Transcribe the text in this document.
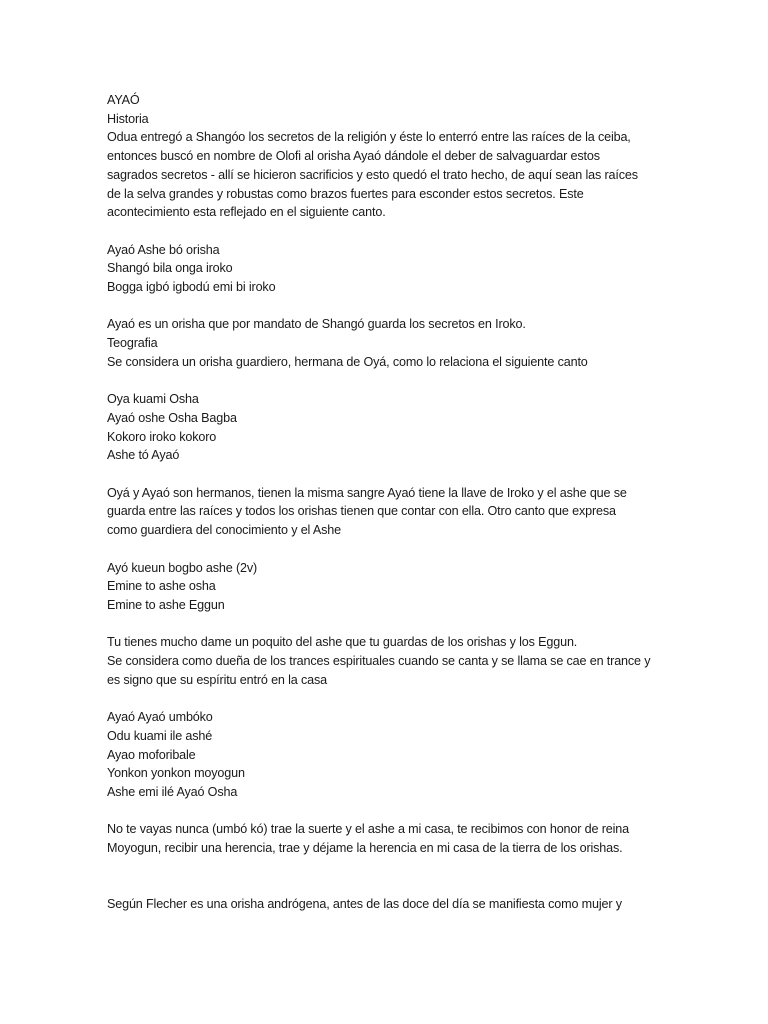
AYAÓ
Historia
Odua entregó a Shangóo los secretos de la religión y éste lo enterró entre las raíces de la ceiba,
entonces buscó en nombre de Olofi al orisha Ayaó dándole el deber de salvaguardar estos
sagrados secretos - allí se hicieron sacrificios y esto quedó el trato hecho, de aquí sean las raíces
de la selva grandes y robustas como brazos fuertes para esconder estos secretos. Este
acontecimiento esta reflejado en el siguiente canto.
Ayaó Ashe bó orisha
Shangó bila onga iroko
Bogga igbó igbodú emi bi iroko
Ayaó es un orisha que por mandato de Shangó guarda los secretos en Iroko.
Teografia
Se considera un orisha guardiero, hermana de Oyá, como lo relaciona el siguiente canto
Oya kuami Osha
Ayaó oshe Osha Bagba
Kokoro iroko kokoro
Ashe tó Ayaó
Oyá y Ayaó son hermanos, tienen la misma sangre Ayaó tiene la llave de Iroko y el ashe que se
guarda entre las raíces y todos los orishas tienen que contar con ella. Otro canto que expresa
como guardiera del conocimiento y el Ashe
Ayó kueun bogbo ashe (2v)
Emine to ashe osha
Emine to ashe Eggun
Tu tienes mucho dame un poquito del ashe que tu guardas de los orishas y los Eggun.
Se considera como dueña de los trances espirituales cuando se canta y se llama se cae en trance y
es signo que su espíritu entró en la casa
Ayaó Ayaó umbóko
Odu kuami ile ashé
Ayao moforibale
Yonkon yonkon moyogun
Ashe emi ilé Ayaó Osha
No te vayas nunca (umbó kó) trae la suerte y el ashe a mi casa, te recibimos con honor de reina
Moyogun, recibir una herencia, trae y déjame la herencia en mi casa de la tierra de los orishas.
Según Flecher es una orisha andrógena, antes de las doce del día se manifiesta como mujer y
